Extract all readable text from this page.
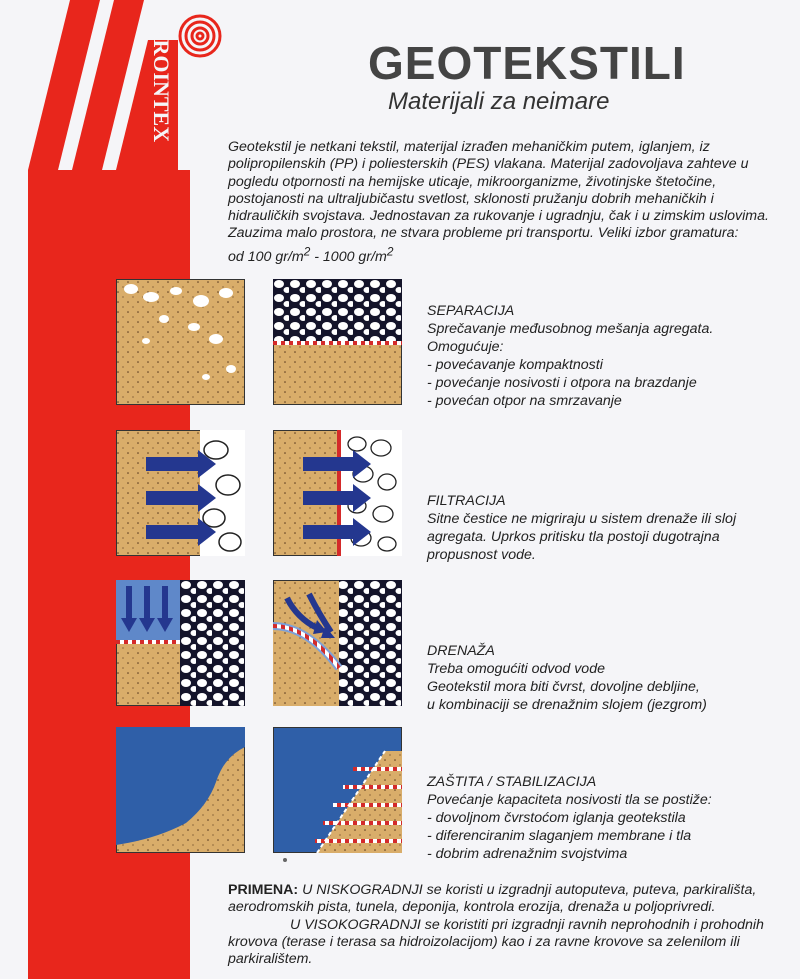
PROINTEX	GEOTEKSTILI
Materijali za neimare
Geotekstil je netkani tekstil, materijal izrađen mehaničkim putem, iglanjem, iz
polipropilenskih (PP) i poliesterskih (PES) vlakana. Materijal zadovoljava zahteve u
pogledu otpornosti na hemijske uticaje, mikroorganizme, životinjske štetočine,
postojanosti na ultraljubičastu svetlost, sklonosti pružanju dobrih mehaničkih i
hidrauličkih svojstava. Jednostavan za rukovanje i ugradnju, čak i u zimskim uslovima.
Zauzima malo prostora, ne stvara probleme pri transportu. Veliki izbor gramatura:
od 100 $gr/m^2 - 1000$ $gr/m^2$
SEPARACIJA
Sprečavanje međusobnog mešanja agregata.
Omogućuje:
- povećavanje kompaktnosti
- povećanje nosivosti i otpora na brazdanje
- povećan otpor na smrzavanje
FILTRACIJA
Sitne čestice ne migriraju u sistem drenaže ili sloj
agregata. Uprkos pritisku tla postoji dugotrajna
propusnost vode.
DRENAŽA
Treba omogućiti odvod vode
Geotekstil mora biti čvrst, dovoljne debljine,
u kombinaciji se drenažnim slojem (jezgrom)
ZAŠTITA / STABILIZACIJA
Povećanje kapaciteta nosivosti tla se postiže:
- dovoljnom čvrstoćom iglanja geotekstila
- diferenciranim slaganjem membrane i tla
- dobrim adrenažnim svojstvima
PRIMENA: U NISKOGRADNJI se koristi u izgradnji autoputeva, puteva, parkirališta,
aerodromskih pista, tunela, deponija, kontrola erozija, drenaža u poljoprivredi.
U VISOKOGRADNJI se koristiti pri izgradnji ravnih neprohodnih i prohodnih
krovova (terase i terasa sa hidroizolacijom) kao i za ravne krovove sa zelenilom ili
parkiralištem.
